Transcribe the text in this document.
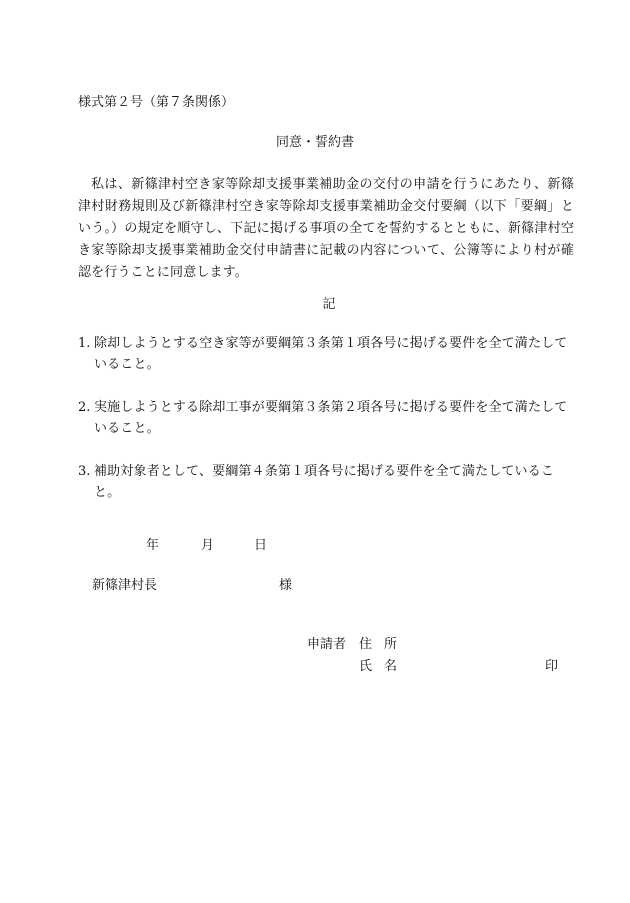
様式第２号（第７条関係）
同意・誓約書

私は、新篠津村空き家等除却支援事業補助金の交付の申請を行うにあたり、新篠津村財務規則及び新篠津村空き家等除却支援事業補助金交付要綱（以下「要綱」という。）の規定を順守し、下記に掲げる事項の全てを誓約するとともに、新篠津村空き家等除却支援事業補助金交付申請書に記載の内容について、公簿等により村が確認を行うことに同意します。

記
1. 除却しようとする空き家等が要綱第３条第１項各号に掲げる要件を全て満たしていること。
2. 実施しようとする除却工事が要綱第３条第２項各号に掲げる要件を全て満たしていること。
3. 補助対象者として、要綱第４条第１項各号に掲げる要件を全て満たしていること。
年	月	日
新篠津村長	様
申請者 住所
氏名	印
